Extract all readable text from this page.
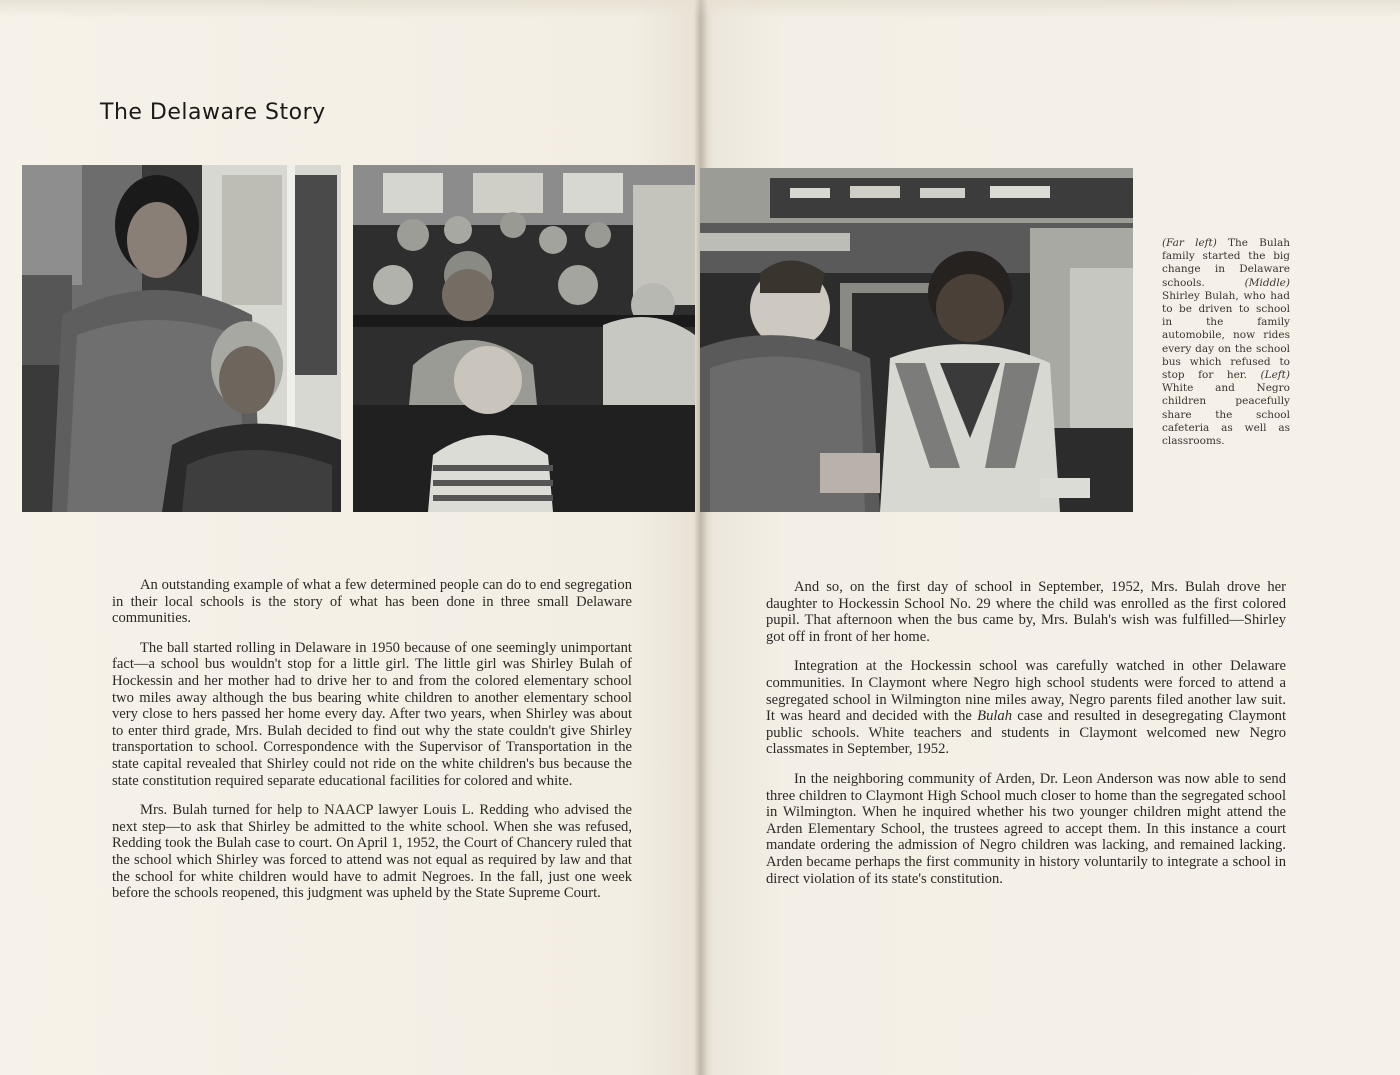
The Delaware Story

(Far left) The Bulah family started the big change in Delaware schools. (Middle) Shirley Bulah, who had to be driven to school in the family automobile, now rides every day on the school bus which refused to stop for her. (Left) White and Negro children peacefully share the school cafeteria as well as classrooms.

An outstanding example of what a few determined people can do to end segregation in their local schools is the story of what has been done in three small Delaware communities.

The ball started rolling in Delaware in 1950 because of one seemingly unimportant fact—a school bus wouldn't stop for a little girl. The little girl was Shirley Bulah of Hockessin and her mother had to drive her to and from the colored elementary school two miles away although the bus bearing white children to another elementary school very close to hers passed her home every day. After two years, when Shirley was about to enter third grade, Mrs. Bulah decided to find out why the state couldn't give Shirley transportation to school. Correspondence with the Supervisor of Transportation in the state capital revealed that Shirley could not ride on the white children's bus because the state constitution required separate educational facilities for colored and white.

Mrs. Bulah turned for help to NAACP lawyer Louis L. Redding who advised the next step—to ask that Shirley be admitted to the white school. When she was refused, Redding took the Bulah case to court. On April 1, 1952, the Court of Chancery ruled that the school which Shirley was forced to attend was not equal as required by law and that the school for white children would have to admit Negroes. In the fall, just one week before the schools reopened, this judgment was upheld by the State Supreme Court.

And so, on the first day of school in September, 1952, Mrs. Bulah drove her daughter to Hockessin School No. 29 where the child was enrolled as the first colored pupil. That afternoon when the bus came by, Mrs. Bulah's wish was fulfilled—Shirley got off in front of her home.

Integration at the Hockessin school was carefully watched in other Delaware communities. In Claymont where Negro high school students were forced to attend a segregated school in Wilmington nine miles away, Negro parents filed another law suit. It was heard and decided with the Bulah case and resulted in desegregating Claymont public schools. White teachers and students in Claymont welcomed new Negro classmates in September, 1952.

In the neighboring community of Arden, Dr. Leon Anderson was now able to send three children to Claymont High School much closer to home than the segregated school in Wilmington. When he inquired whether his two younger children might attend the Arden Elementary School, the trustees agreed to accept them. In this instance a court mandate ordering the admission of Negro children was lacking, and remained lacking. Arden became perhaps the first community in history voluntarily to integrate a school in direct violation of its state's constitution.
